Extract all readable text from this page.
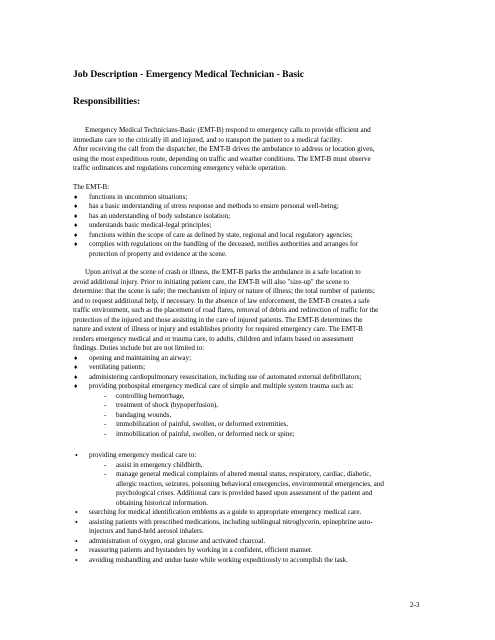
Job Description - Emergency Medical Technician - Basic
Responsibilities:

Emergency Medical Technicians-Basic (EMT-B) respond to emergency calls to provide efficient and

immediate care to the critically ill and injured, and to transport the patient to a medical facility.

After receiving the call from the dispatcher, the EMT-B drives the ambulance to address or location given,

using the most expeditious route, depending on traffic and weather conditions. The EMT-B must observe

traffic ordinances and regulations concerning emergency vehicle operation.

The EMT-B:

♦ functions in uncommon situations;

♦ has a basic understanding of stress response and methods to ensure personal well-being;

♦ has an understanding of body substance isolation;

♦ understands basic medical-legal principles;

♦ functions within the scope of care as defined by state, regional and local regulatory agencies;

♦ complies with regulations on the handling of the deceased, notifies authorities and arranges for

protection of property and evidence at the scene.

Upon arrival at the scene of crash or illness, the EMT-B parks the ambulance in a safe location to

avoid additional injury. Prior to initiating patient care, the EMT-B will also "size-up" the scene to

determine: that the scene is safe; the mechanism of injury or nature of illness; the total number of patients;

and to request additional help, if necessary. In the absence of law enforcement, the EMT-B creates a safe

traffic environment, such as the placement of road flares, removal of debris and redirection of traffic for the

protection of the injured and those assisting in the care of injured patients. The EMT-B determines the

nature and extent of illness or injury and establishes priority for required emergency care. The EMT-B

renders emergency medical and or trauma care, to adults, children and infants based on assessment

findings. Duties include but are not limited to:

♦ opening and maintaining an airway;

♦ ventilating patients;

♦ administering cardiopulmonary resuscitation, including use of automated external defibrillators;

♦ providing prehospital emergency medical care of simple and multiple system trauma such as:

- controlling hemorrhage,

- treatment of shock (hypoperfusion),

- bandaging wounds,

- immobilization of painful, swollen, or deformed extremities,

- immobilization of painful, swollen, or deformed neck or spine;

• providing emergency medical care to:

- assist in emergency childbirth,

- manage general medical complaints of altered mental status, respiratory, cardiac, diabetic,

allergic reaction, seizures, poisoning behavioral emergencies, environmental emergencies, and

psychological crises. Additional care is provided based upon assessment of the patient and

obtaining historical information.

• searching for medical identification emblems as a guide to appropriate emergency medical care.

• assisting patients with prescribed medications, including sublingual nitroglycerin, epinephrine auto-

injectors and hand-held aerosol inhalers.

• administration of oxygen, oral glucose and activated charcoal.

• reassuring patients and bystanders by working in a confident, efficient manner.

• avoiding mishandling and undue haste while working expeditiously to accomplish the task.

2-3
